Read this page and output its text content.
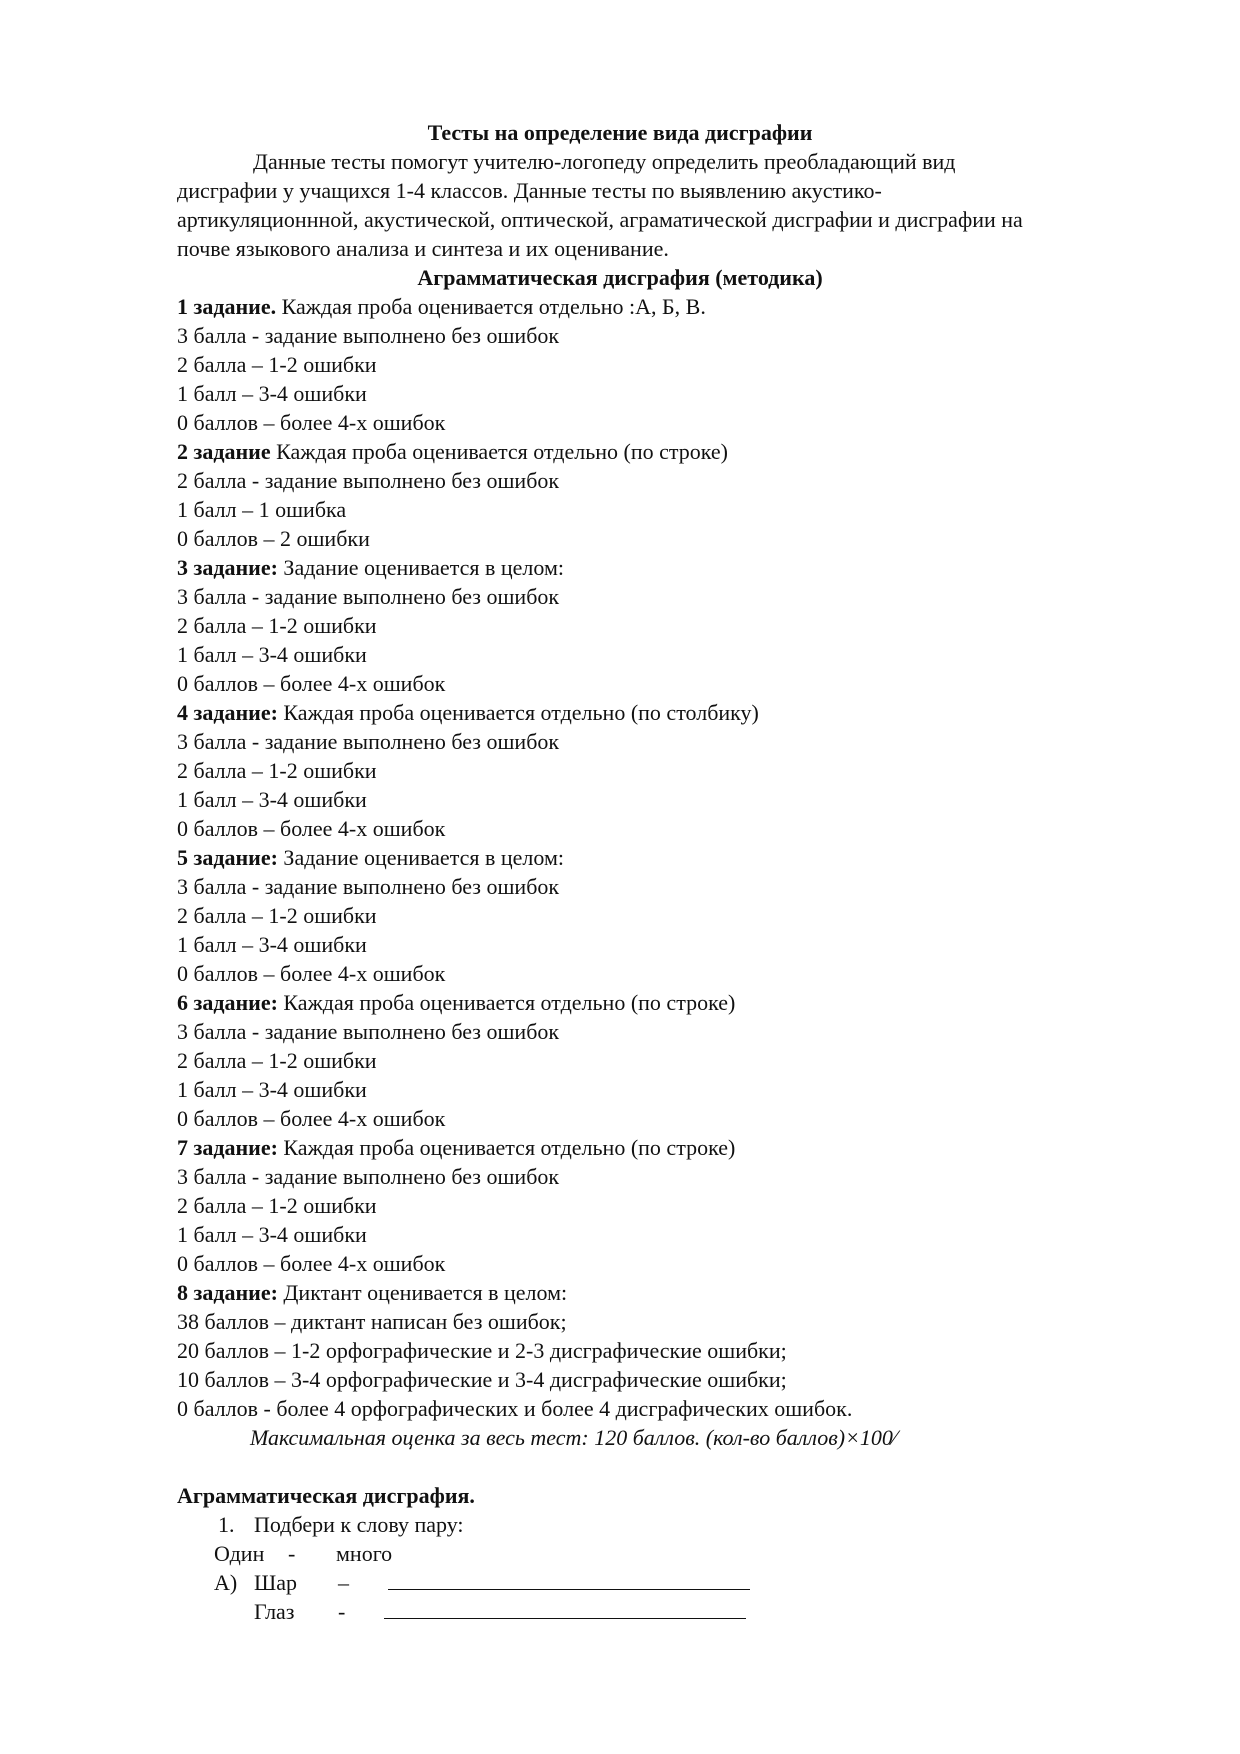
Тесты на определение вида дисграфии
Данные тесты помогут учителю-логопеду определить преобладающий вид
дисграфии у учащихся 1-4 классов. Данные тесты по выявлению акустико-
артикуляционнной, акустической, оптической, аграматической дисграфии и дисграфии на
почве языкового анализа и синтеза и их оценивание.
Аграмматическая дисграфия (методика)
1 задание. Каждая проба оценивается отдельно :А, Б, В.
3 балла - задание выполнено без ошибок
2 балла – 1-2 ошибки
1 балл – 3-4 ошибки
0 баллов – более 4-х ошибок
2 задание Каждая проба оценивается отдельно (по строке)
2 балла - задание выполнено без ошибок
1 балл – 1 ошибка
0 баллов – 2 ошибки
3 задание: Задание оценивается в целом:
3 балла - задание выполнено без ошибок
2 балла – 1-2 ошибки
1 балл – 3-4 ошибки
0 баллов – более 4-х ошибок
4 задание: Каждая проба оценивается отдельно (по столбику)
3 балла - задание выполнено без ошибок
2 балла – 1-2 ошибки
1 балл – 3-4 ошибки
0 баллов – более 4-х ошибок
5 задание: Задание оценивается в целом:
3 балла - задание выполнено без ошибок
2 балла – 1-2 ошибки
1 балл – 3-4 ошибки
0 баллов – более 4-х ошибок
6 задание: Каждая проба оценивается отдельно (по строке)
3 балла - задание выполнено без ошибок
2 балла – 1-2 ошибки
1 балл – 3-4 ошибки
0 баллов – более 4-х ошибок
7 задание: Каждая проба оценивается отдельно (по строке)
3 балла - задание выполнено без ошибок
2 балла – 1-2 ошибки
1 балл – 3-4 ошибки
0 баллов – более 4-х ошибок
8 задание: Диктант оценивается в целом:
38 баллов – диктант написан без ошибок;
20 баллов – 1-2 орфографические и 2-3 дисграфические ошибки;
10 баллов – 3-4 орфографические и 3-4 дисграфические ошибки;
0 баллов - более 4 орфографических и более 4 дисграфических ошибок.
Максимальная оценка за весь тест: 120 баллов. (кол-во баллов)×100⁄
Аграмматическая дисграфия.
1. Подбери к слову пару:
Один - много
А) Шар –
Глаз -
